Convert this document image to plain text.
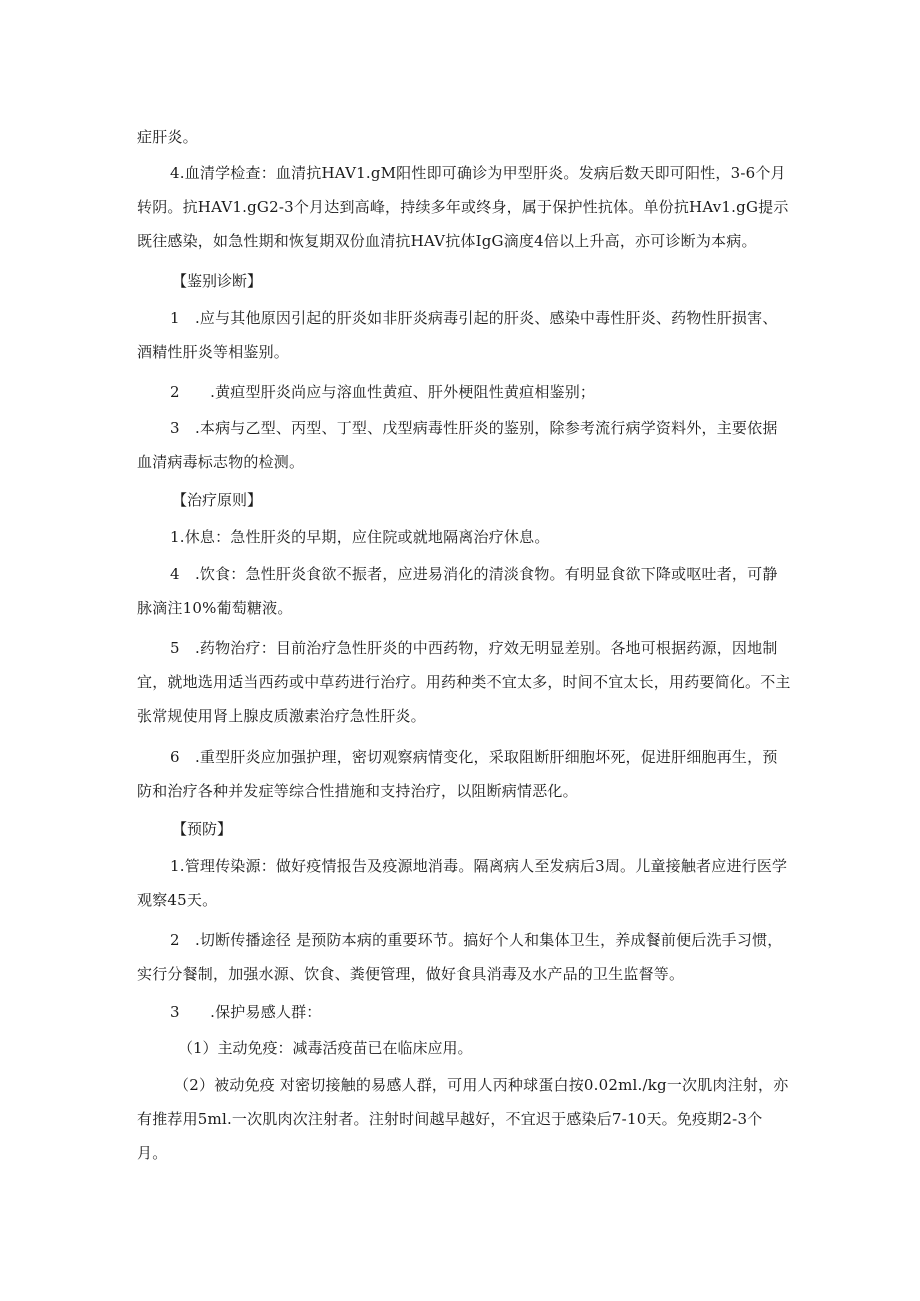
症肝炎。

4.血清学检查：血清抗HAV1.gM阳性即可确诊为甲型肝炎。发病后数天即可阳性，3-6个月转阴。抗HAV1.gG2-3个月达到高峰，持续多年或终身，属于保护性抗体。单份抗HAv1.gG提示既往感染，如急性期和恢复期双份血清抗HAV抗体IgG滴度4倍以上升高，亦可诊断为本病。

【鉴别诊断】

1　.应与其他原因引起的肝炎如非肝炎病毒引起的肝炎、感染中毒性肝炎、药物性肝损害、酒精性肝炎等相鉴别。

2　　.黄疸型肝炎尚应与溶血性黄疸、肝外梗阻性黄疸相鉴别；

3　.本病与乙型、丙型、丁型、戊型病毒性肝炎的鉴别，除参考流行病学资料外，主要依据血清病毒标志物的检测。

【治疗原则】

1.休息：急性肝炎的早期，应住院或就地隔离治疗休息。

4　.饮食：急性肝炎食欲不振者，应进易消化的清淡食物。有明显食欲下降或呕吐者，可静脉滴注10%葡萄糖液。

5　.药物治疗：目前治疗急性肝炎的中西药物，疗效无明显差别。各地可根据药源，因地制宜，就地选用适当西药或中草药进行治疗。用药种类不宜太多，时间不宜太长，用药要简化。不主张常规使用肾上腺皮质激素治疗急性肝炎。

6　.重型肝炎应加强护理，密切观察病情变化，采取阻断肝细胞坏死，促进肝细胞再生，预防和治疗各种并发症等综合性措施和支持治疗，以阻断病情恶化。

【预防】

1.管理传染源：做好疫情报告及疫源地消毒。隔离病人至发病后3周。儿童接触者应进行医学观察45天。

2　.切断传播途径 是预防本病的重要环节。搞好个人和集体卫生，养成餐前便后洗手习惯，实行分餐制，加强水源、饮食、粪便管理，做好食具消毒及水产品的卫生监督等。

3　　.保护易感人群：

（1）主动免疫：减毒活疫苗已在临床应用。

（2）被动免疫 对密切接触的易感人群，可用人丙种球蛋白按0.02ml./kg一次肌肉注射，亦有推荐用5ml.一次肌肉次注射者。注射时间越早越好，不宜迟于感染后7-10天。免疫期2-3个月。
